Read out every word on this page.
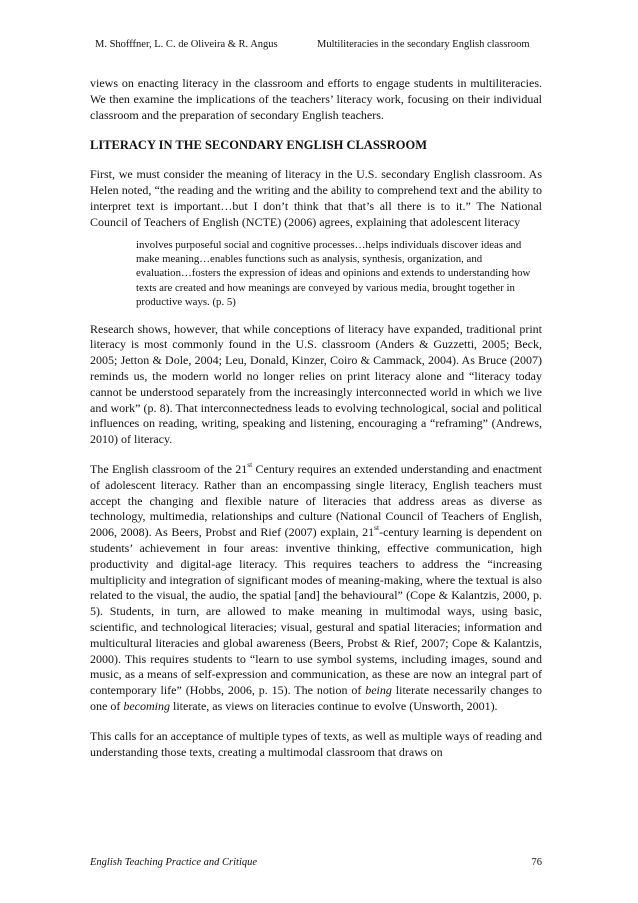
M. Shofffner, L. C. de Oliveira & R. Angus	Multiliteracies in the secondary English classroom

views on enacting literacy in the classroom and efforts to engage students in multiliteracies. We then examine the implications of the teachers’ literacy work, focusing on their individual classroom and the preparation of secondary English teachers.

LITERACY IN THE SECONDARY ENGLISH CLASSROOM

First, we must consider the meaning of literacy in the U.S. secondary English classroom. As Helen noted, “the reading and the writing and the ability to comprehend text and the ability to interpret text is important…but I don’t think that that’s all there is to it.” The National Council of Teachers of English (NCTE) (2006) agrees, explaining that adolescent literacy

involves purposeful social and cognitive processes…helps individuals discover ideas and make meaning…enables functions such as analysis, synthesis, organization, and evaluation…fosters the expression of ideas and opinions and extends to understanding how texts are created and how meanings are conveyed by various media, brought together in productive ways. (p. 5)

Research shows, however, that while conceptions of literacy have expanded, traditional print literacy is most commonly found in the U.S. classroom (Anders & Guzzetti, 2005; Beck, 2005; Jetton & Dole, 2004; Leu, Donald, Kinzer, Coiro & Cammack, 2004). As Bruce (2007) reminds us, the modern world no longer relies on print literacy alone and “literacy today cannot be understood separately from the increasingly interconnected world in which we live and work” (p. 8). That interconnectedness leads to evolving technological, social and political influences on reading, writing, speaking and listening, encouraging a “reframing” (Andrews, 2010) of literacy.

The English classroom of the 21st Century requires an extended understanding and enactment of adolescent literacy. Rather than an encompassing single literacy, English teachers must accept the changing and flexible nature of literacies that address areas as diverse as technology, multimedia, relationships and culture (National Council of Teachers of English, 2006, 2008). As Beers, Probst and Rief (2007) explain, 21st-century learning is dependent on students’ achievement in four areas: inventive thinking, effective communication, high productivity and digital-age literacy. This requires teachers to address the “increasing multiplicity and integration of significant modes of meaning-making, where the textual is also related to the visual, the audio, the spatial [and] the behavioural” (Cope & Kalantzis, 2000, p. 5). Students, in turn, are allowed to make meaning in multimodal ways, using basic, scientific, and technological literacies; visual, gestural and spatial literacies; information and multicultural literacies and global awareness (Beers, Probst & Rief, 2007; Cope & Kalantzis, 2000). This requires students to “learn to use symbol systems, including images, sound and music, as a means of self-expression and communication, as these are now an integral part of contemporary life” (Hobbs, 2006, p. 15). The notion of being literate necessarily changes to one of becoming literate, as views on literacies continue to evolve (Unsworth, 2001).

This calls for an acceptance of multiple types of texts, as well as multiple ways of reading and understanding those texts, creating a multimodal classroom that draws on

English Teaching Practice and Critique	76
